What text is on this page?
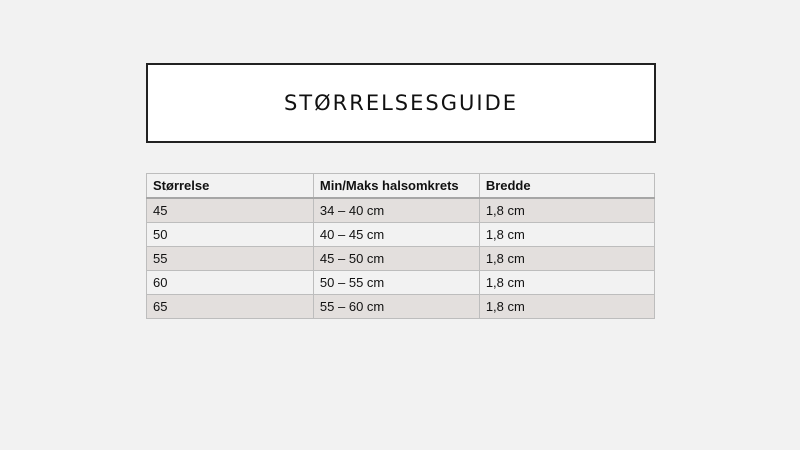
STØRRELSESGUIDE
Størrelse	Min/Maks halsomkrets	Bredde
45	34 – 40 cm	1,8 cm
50	40 – 45 cm	1,8 cm
55	45 – 50 cm	1,8 cm
60	50 – 55 cm	1,8 cm
65	55 – 60 cm	1,8 cm
